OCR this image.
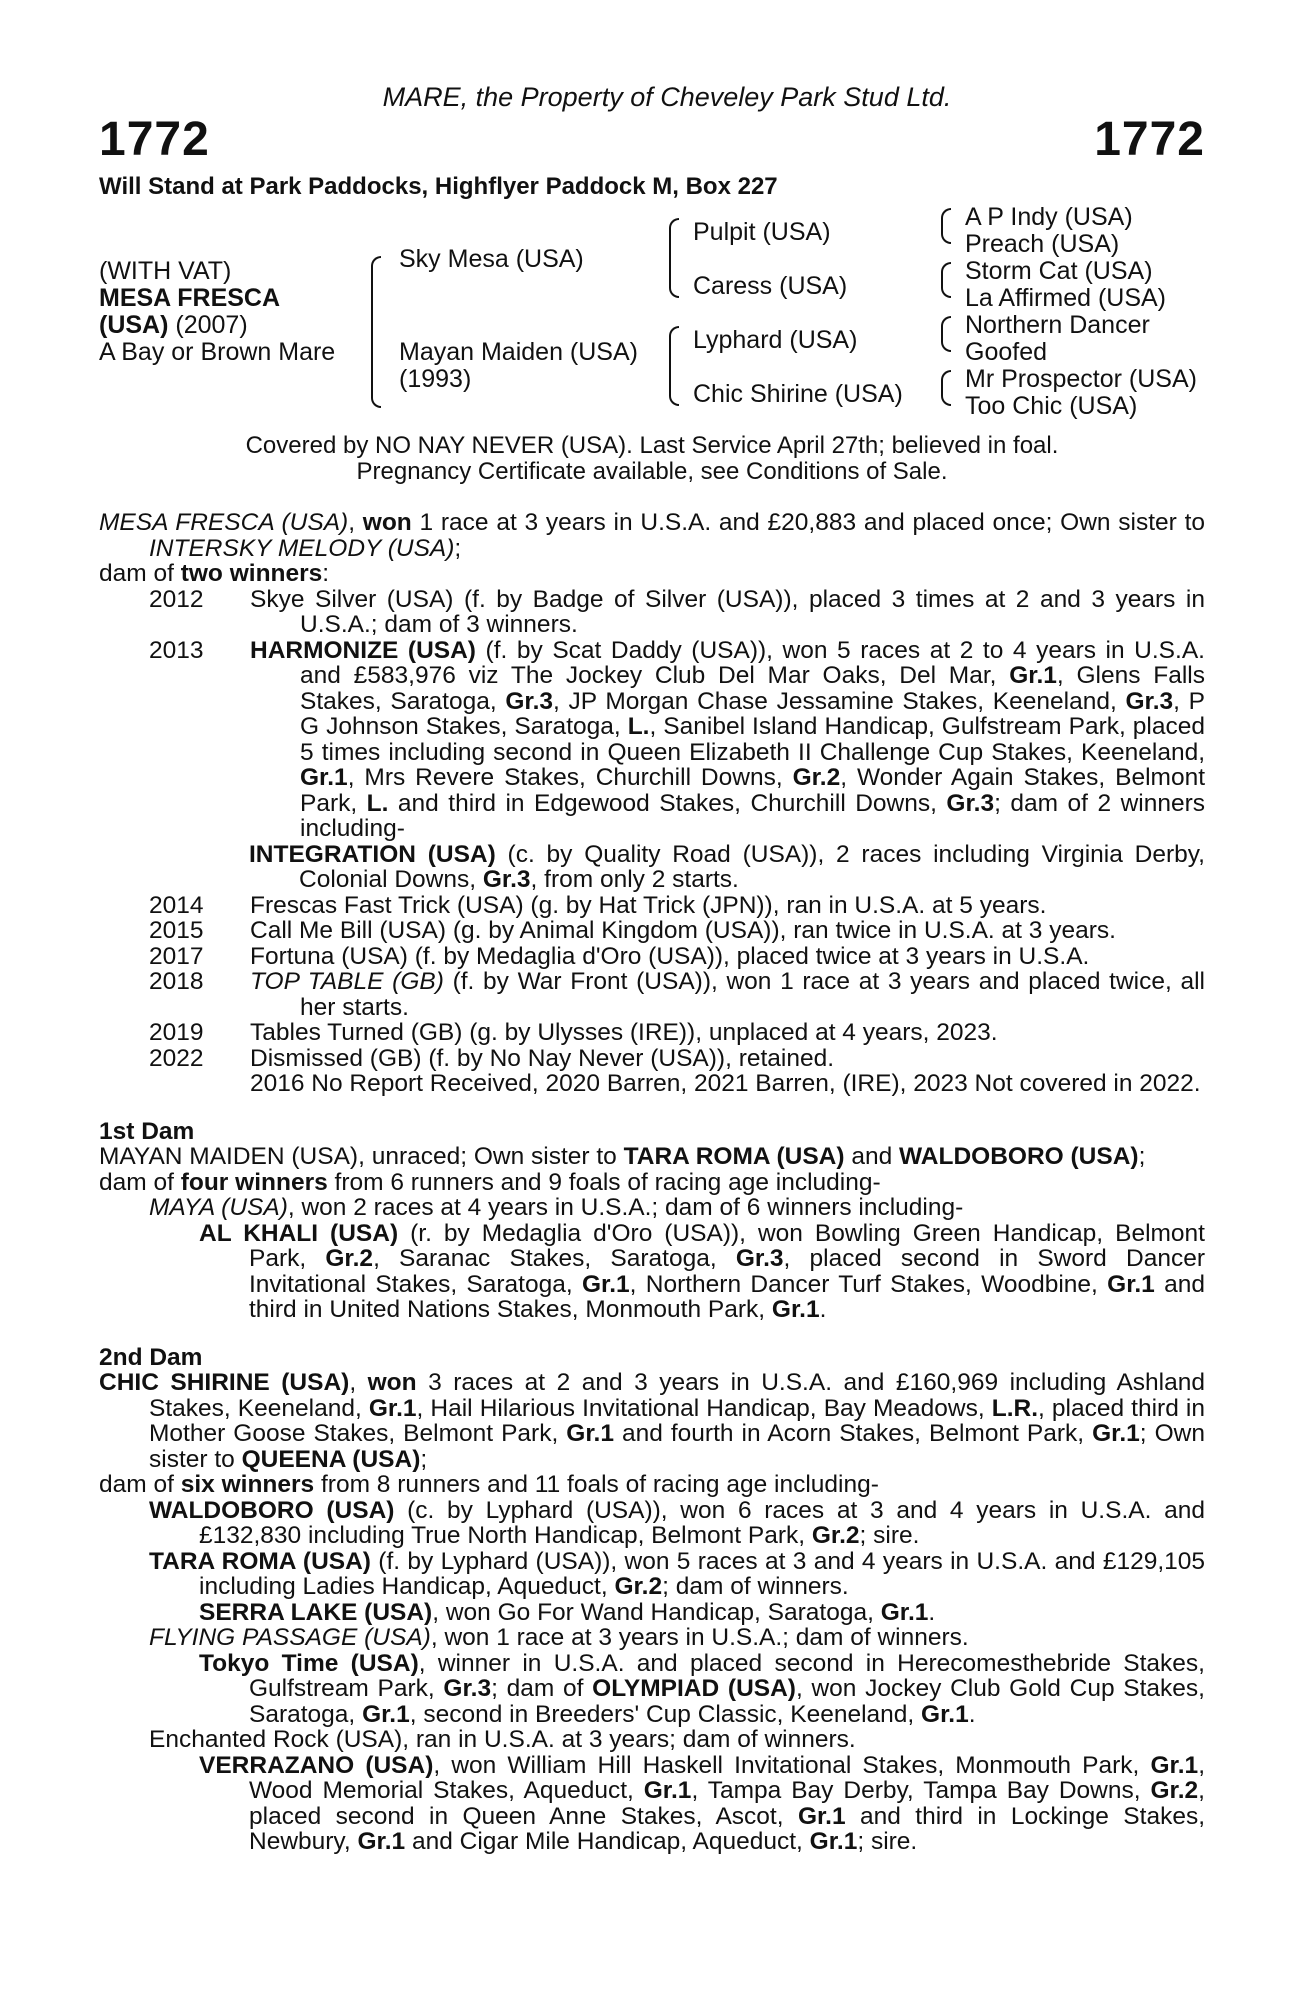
MARE, the Property of Cheveley Park Stud Ltd.
1772	1772
Will Stand at Park Paddocks, Highflyer Paddock M, Box 227
(WITH VAT)
MESA FRESCA
(USA) (2007)
A Bay or Brown Mare
Sky Mesa (USA)
Mayan Maiden (USA)
(1993)
Pulpit (USA)
Caress (USA)
Lyphard (USA)
Chic Shirine (USA)
A P Indy (USA)
Preach (USA)
Storm Cat (USA)
La Affirmed (USA)
Northern Dancer
Goofed
Mr Prospector (USA)
Too Chic (USA)
Covered by NO NAY NEVER (USA). Last Service April 27th; believed in foal.
Pregnancy Certificate available, see Conditions of Sale.

MESA FRESCA (USA), won 1 race at 3 years in U.S.A. and £20,883 and placed once; Own sister to INTERSKY MELODY (USA);

dam of two winners:

2012	Skye Silver (USA) (f. by Badge of Silver (USA)), placed 3 times at 2 and 3 years in U.S.A.; dam of 3 winners.
2013	HARMONIZE (USA) (f. by Scat Daddy (USA)), won 5 races at 2 to 4 years in U.S.A. and £583,976 viz The Jockey Club Del Mar Oaks, Del Mar, Gr.1, Glens Falls Stakes, Saratoga, Gr.3, JP Morgan Chase Jessamine Stakes, Keeneland, Gr.3, P G Johnson Stakes, Saratoga, L., Sanibel Island Handicap, Gulfstream Park, placed 5 times including second in Queen Elizabeth II Challenge Cup Stakes, Keeneland, Gr.1, Mrs Revere Stakes, Churchill Downs, Gr.2, Wonder Again Stakes, Belmont Park, L. and third in Edgewood Stakes, Churchill Downs, Gr.3; dam of 2 winners including-

INTEGRATION (USA) (c. by Quality Road (USA)), 2 races including Virginia Derby, Colonial Downs, Gr.3, from only 2 starts.

2014	Frescas Fast Trick (USA) (g. by Hat Trick (JPN)), ran in U.S.A. at 5 years.
2015	Call Me Bill (USA) (g. by Animal Kingdom (USA)), ran twice in U.S.A. at 3 years.
2017	Fortuna (USA) (f. by Medaglia d'Oro (USA)), placed twice at 3 years in U.S.A.
2018	TOP TABLE (GB) (f. by War Front (USA)), won 1 race at 3 years and placed twice, all her starts.
2019	Tables Turned (GB) (g. by Ulysses (IRE)), unplaced at 4 years, 2023.
2022	Dismissed (GB) (f. by No Nay Never (USA)), retained.
2016 No Report Received, 2020 Barren, 2021 Barren, (IRE), 2023 Not covered in 2022.

1st Dam

MAYAN MAIDEN (USA), unraced; Own sister to TARA ROMA (USA) and WALDOBORO (USA);

dam of four winners from 6 runners and 9 foals of racing age including-

MAYA (USA), won 2 races at 4 years in U.S.A.; dam of 6 winners including-

AL KHALI (USA) (r. by Medaglia d'Oro (USA)), won Bowling Green Handicap, Belmont Park, Gr.2, Saranac Stakes, Saratoga, Gr.3, placed second in Sword Dancer Invitational Stakes, Saratoga, Gr.1, Northern Dancer Turf Stakes, Woodbine, Gr.1 and third in United Nations Stakes, Monmouth Park, Gr.1.

2nd Dam

CHIC SHIRINE (USA), won 3 races at 2 and 3 years in U.S.A. and £160,969 including Ashland Stakes, Keeneland, Gr.1, Hail Hilarious Invitational Handicap, Bay Meadows, L.R., placed third in Mother Goose Stakes, Belmont Park, Gr.1 and fourth in Acorn Stakes, Belmont Park, Gr.1; Own sister to QUEENA (USA);

dam of six winners from 8 runners and 11 foals of racing age including-

WALDOBORO (USA) (c. by Lyphard (USA)), won 6 races at 3 and 4 years in U.S.A. and £132,830 including True North Handicap, Belmont Park, Gr.2; sire.

TARA ROMA (USA) (f. by Lyphard (USA)), won 5 races at 3 and 4 years in U.S.A. and £129,105 including Ladies Handicap, Aqueduct, Gr.2; dam of winners.

SERRA LAKE (USA), won Go For Wand Handicap, Saratoga, Gr.1.

FLYING PASSAGE (USA), won 1 race at 3 years in U.S.A.; dam of winners.

Tokyo Time (USA), winner in U.S.A. and placed second in Herecomesthebride Stakes, Gulfstream Park, Gr.3; dam of OLYMPIAD (USA), won Jockey Club Gold Cup Stakes, Saratoga, Gr.1, second in Breeders' Cup Classic, Keeneland, Gr.1.

Enchanted Rock (USA), ran in U.S.A. at 3 years; dam of winners.

VERRAZANO (USA), won William Hill Haskell Invitational Stakes, Monmouth Park, Gr.1, Wood Memorial Stakes, Aqueduct, Gr.1, Tampa Bay Derby, Tampa Bay Downs, Gr.2, placed second in Queen Anne Stakes, Ascot, Gr.1 and third in Lockinge Stakes, Newbury, Gr.1 and Cigar Mile Handicap, Aqueduct, Gr.1; sire.
